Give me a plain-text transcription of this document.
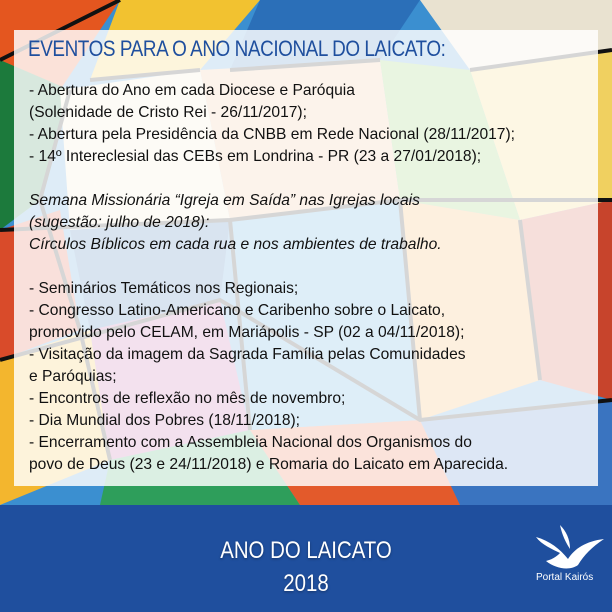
EVENTOS PARA O ANO NACIONAL DO LAICATO:
- Abertura do Ano em cada Diocese e Paróquia
(Solenidade de Cristo Rei - 26/11/2017);
- Abertura pela Presidência da CNBB em Rede Nacional (28/11/2017);
- 14º Intereclesial das CEBs em Londrina - PR (23 a 27/01/2018);
Semana Missionária “Igreja em Saída” nas Igrejas locais
(sugestão: julho de 2018):
Círculos Bíblicos em cada rua e nos ambientes de trabalho.
- Seminários Temáticos nos Regionais;
- Congresso Latino-Americano e Caribenho sobre o Laicato,
promovido pelo CELAM, em Mariápolis - SP (02 a 04/11/2018);
- Visitação da imagem da Sagrada Família pelas Comunidades
e Paróquias;
- Encontros de reflexão no mês de novembro;
- Dia Mundial dos Pobres (18/11/2018);
- Encerramento com a Assembleia Nacional dos Organismos do
povo de Deus (23 e 24/11/2018) e Romaria do Laicato em Aparecida.
ANO DO LAICATO
2018	Portal Kairós
